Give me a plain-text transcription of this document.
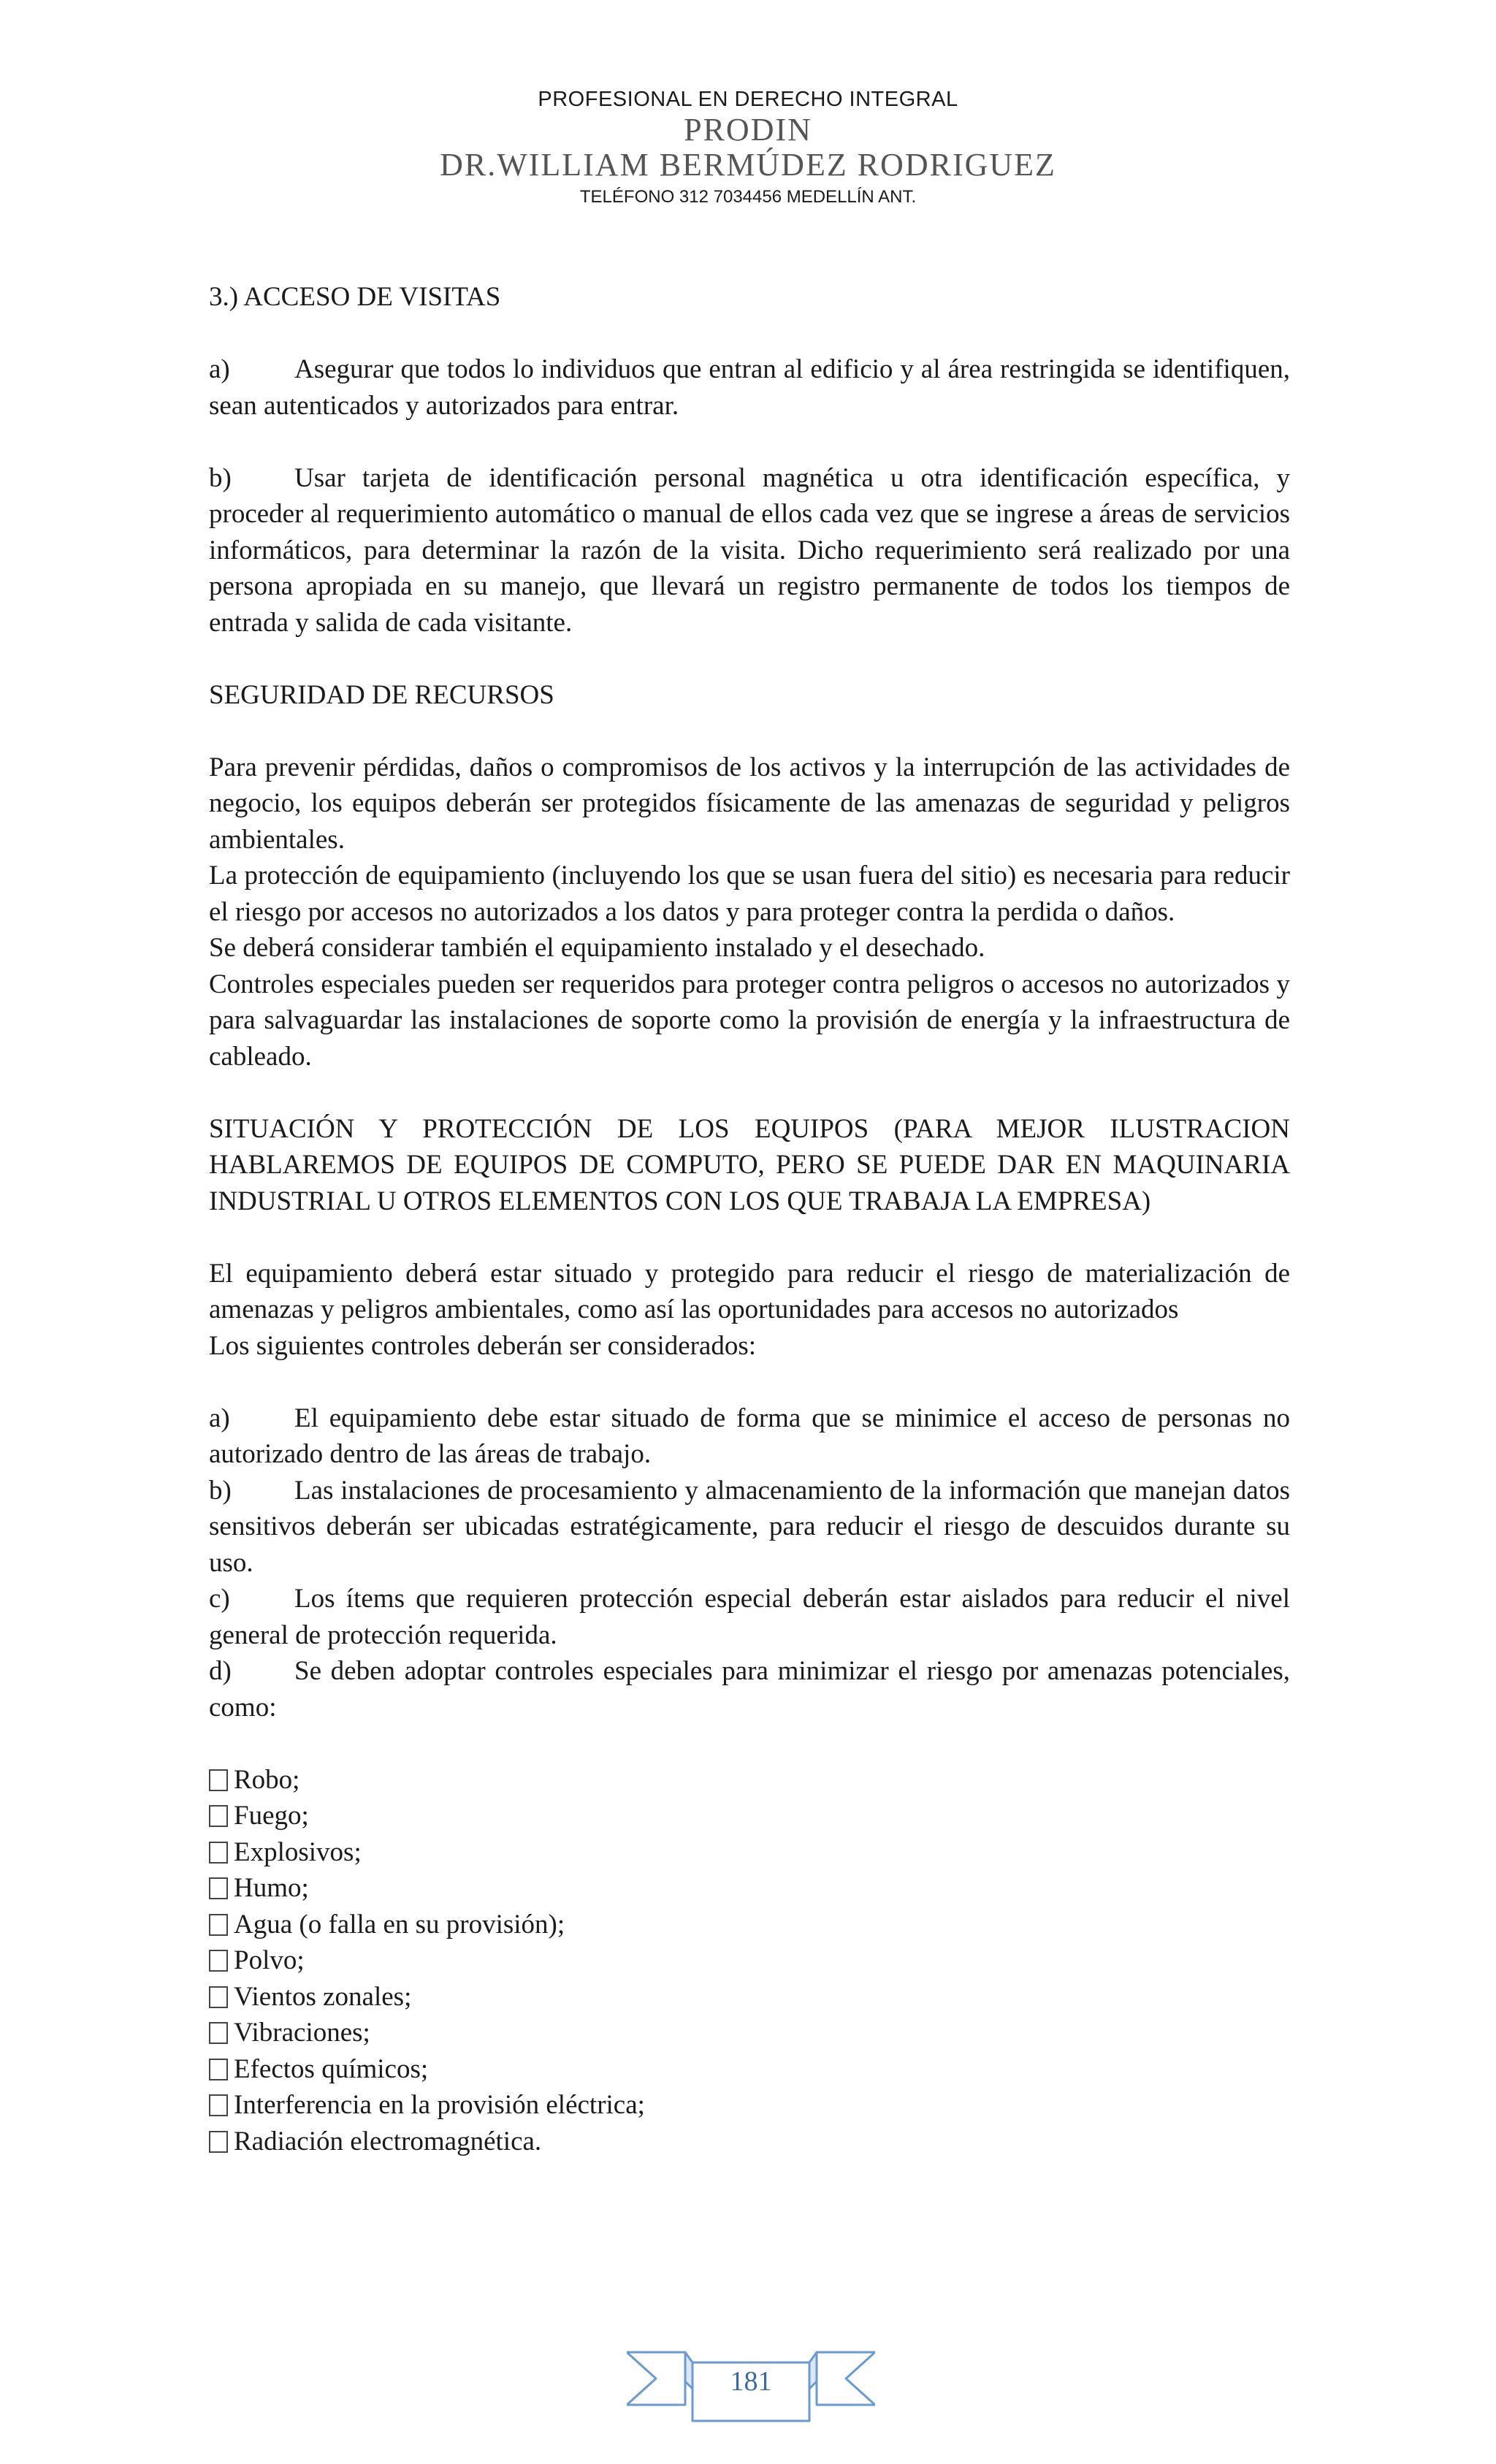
PROFESIONAL EN DERECHO INTEGRAL
PRODIN
DR.WILLIAM BERMÚDEZ RODRIGUEZ
TELÉFONO 312 7034456 MEDELLÍN ANT.

3.) ACCESO DE VISITAS

a) Asegurar que todos lo individuos que entran al edificio y al área restringida se identifiquen, sean autenticados y autorizados para entrar.

b) Usar tarjeta de identificación personal magnética u otra identificación específica, y proceder al requerimiento automático o manual de ellos cada vez que se ingrese a áreas de servicios informáticos, para determinar la razón de la visita. Dicho requerimiento será realizado por una persona apropiada en su manejo, que llevará un registro permanente de todos los tiempos de entrada y salida de cada visitante.

SEGURIDAD DE RECURSOS

Para prevenir pérdidas, daños o compromisos de los activos y la interrupción de las actividades de negocio, los equipos deberán ser protegidos físicamente de las amenazas de seguridad y peligros ambientales.

La protección de equipamiento (incluyendo los que se usan fuera del sitio) es necesaria para reducir el riesgo por accesos no autorizados a los datos y para proteger contra la perdida o daños.

Se deberá considerar también el equipamiento instalado y el desechado.

Controles especiales pueden ser requeridos para proteger contra peligros o accesos no autorizados y para salvaguardar las instalaciones de soporte como la provisión de energía y la infraestructura de cableado.

SITUACIÓN Y PROTECCIÓN DE LOS EQUIPOS (PARA MEJOR ILUSTRACION HABLAREMOS DE EQUIPOS DE COMPUTO, PERO SE PUEDE DAR EN MAQUINARIA INDUSTRIAL U OTROS ELEMENTOS CON LOS QUE TRABAJA LA EMPRESA)

El equipamiento deberá estar situado y protegido para reducir el riesgo de materialización de amenazas y peligros ambientales, como así las oportunidades para accesos no autorizados

Los siguientes controles deberán ser considerados:

a) El equipamiento debe estar situado de forma que se minimice el acceso de personas no autorizado dentro de las áreas de trabajo.

b) Las instalaciones de procesamiento y almacenamiento de la información que manejan datos sensitivos deberán ser ubicadas estratégicamente, para reducir el riesgo de descuidos durante su uso.

c) Los ítems que requieren protección especial deberán estar aislados para reducir el nivel general de protección requerida.

d) Se deben adoptar controles especiales para minimizar el riesgo por amenazas potenciales, como:

Robo;
Fuego;
Explosivos;
Humo;
Agua (o falla en su provisión);
Polvo;
Vientos zonales;
Vibraciones;
Efectos químicos;
Interferencia en la provisión eléctrica;
Radiación electromagnética.
181
